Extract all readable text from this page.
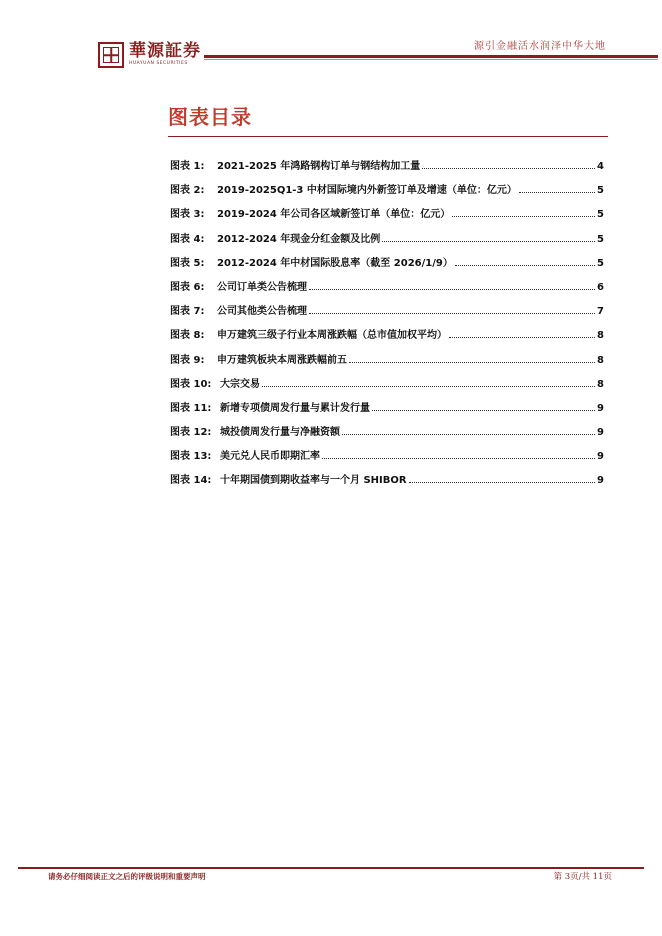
華源証券
HUAYUAN SECURITIES
源引金融活水润泽中华大地
图表目录
图表 1:	2021-2025 年鸿路钢构订单与钢结构加工量	4
图表 2:	2019-2025Q1-3 中材国际境内外新签订单及增速（单位：亿元）	5
图表 3:	2019-2024 年公司各区域新签订单（单位：亿元）	5
图表 4:	2012-2024 年现金分红金额及比例	5
图表 5:	2012-2024 年中材国际股息率（截至 2026/1/9）	5
图表 6:	公司订单类公告梳理	6
图表 7:	公司其他类公告梳理	7
图表 8:	申万建筑三级子行业本周涨跌幅（总市值加权平均）	8
图表 9:	申万建筑板块本周涨跌幅前五	8
图表 10: 大宗交易	8
图表 11: 新增专项债周发行量与累计发行量	9
图表 12: 城投债周发行量与净融资额	9
图表 13: 美元兑人民币即期汇率	9
图表 14: 十年期国债到期收益率与一个月 SHIBOR	9
请务必仔细阅读正文之后的评级说明和重要声明	第 3页/共 11页
